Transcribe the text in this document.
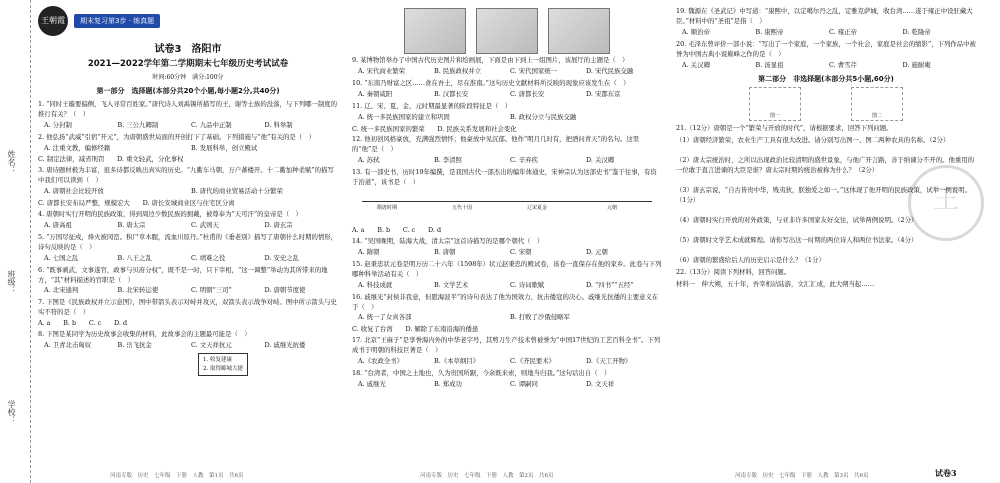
姓名：
班级：
学校：
王朝霞 期末复习第3步 · 练真题
试卷3　洛阳市
2021—2022学年第二学期期末七年级历史考试试卷
时间:60分钟　满分:100分
第一部分　选择题(本部分共20个小题,每小题2分,共40分)
1. “同时王璇要偏侧，飞入寻常百姓家。”唐代诗人刘禹锡所描写的王、谢等士族的没落，与下列哪一制度的推行有关？（　）
A. 分封制	B. 三公九卿制	C. 九品中正制	D. 科举制
2. 他弘扬“武威”引宿“开元”，为唐朝盛世局面的开创打下了基础。下列措施与“他”有关的是（　）
A. 注重文教，编修经籍	B. 发展科举，创立殿试
C. 制定法律，减省刑罚　　D. 重文轻武，分化事权
3. 唐诗题材极为丰富，很多诗都反映出真实的历史。“九衢车马朝，万户蕃楼开。十二衢加种柔赋”的描写中我们可以读到（　）
A. 唐朝社会比较开放	B. 唐代的商业贸易活动十分繁荣
C. 唐都长安布局严整，规模宏大　　D. 唐长安城商业区与住宅区分离
4. 唐朝时实行开明的民族政策，得到周边少数民族的拥戴，被尊奉为“天可汗”的皇帝是（　）
A. 唐高祖	B. 唐太宗	C. 武则天	D. 唐玄宗
5. “万国尽征戍，烽火被冈峦。积尸草木腥，流血川原丹。”杜甫的《垂老别》描写了唐朝什么时期的情形，诗句反映的是（　）
A. 七国之乱	B. 八王之乱	C. 靖难之役	D. 安史之乱
6. “既事剥武，文事遂官，政事与贝府分权”，既不是一时，只下宰相，“这一调整”举动为其所带来的地方，“其”材料描述的官职是（　）
A. 北宋通判	B. 北宋转运使	C. 明朝“三司”	D. 唐朝节度使
7. 下图是《民族政权并立示意图》，图中带箭头表示对峙并攻灭，双箭头表示战争对峙。图中所示箭头与史实不符的是（　）
A. a　　B. b　　C. c　　D. d
8. 下图是某同学为历史故事会收集的材料，此故事会的主题最可能是（　）
A. 卫青北击匈奴	B. 岳飞抗金	C. 文天祥抗元	D. 戚继光抗倭
1. 收复建康
2. 取得郾城大捷
9. 某博物馆举办了中国古代历史图片和绘画展，下面是由下到上一组图片，该展厅的主题是（　）
A. 宋代商业繁荣	B. 民族政权并立	C. 宋代国家统一	D. 宋代民族交融
10. “东南乃财富之区……食在吾土，尽在淮南。”这句历史文献材料所反映的现象应该发生在（　）
A. 秦朝咸阳	B. 汉都长安	C. 唐都长安	D. 宋都东京
11. 辽、宋、夏、金、元时期最显著的阶段特征是（　）
A. 统一多民族国家的建立和巩固	B. 政权分立与民族交融
C. 统一多民族国家的繁荣　　D. 民族关系发展和社会变化
12. 他初创风格豪放，充满强烈情怀；他豪放中见沉郁。他作“明月几时有，把酒问青天”的名句。这里的“他”是（　）
A. 苏轼	B. 李清照	C. 辛弃疾	D. 关汉卿
13. 有一部史书，历时19年编撰，是我国古代一部杰出的编年体通史，宋神宗认为这部史书“鉴于往事，有资于治道”，该书是（　）
隋唐时期	五代十国	辽宋夏金	元朝
A. a　　B. b　　C. c　　D. d
14. “吴国晚期，陆海大战，清太宗”这首诗描写的是哪个朝代（　）
A. 隋朝	B. 唐朝	C. 宋朝	D. 元朝
15. 赵秉忠状元卷是明万历二十六年（1598年）状元赵秉忠的殿试卷，该卷一直保存在他的家乡。此卷与下列哪种科举活动有关（　）
A. 科技成就	B. 文学艺术	C. 诗词歌赋	D. “四书”“五经”
16. 戚继光“封侯非我意，但愿海波平”的诗句表达了他为国效力、抗击倭寇的决心。戚继光抗倭的主要意义在于（　）
A. 统一了女真各部	B. 打败了沙俄侵略军
C. 收复了台湾　　D. 解除了东南沿海的倭患
17. 北京“王麻子”是享誉海内外的中华老字号，其剪刀生产技术曾被誉为“中国17世纪的工艺百科全书”。下列成书于明朝的科技巨著是（　）
A.《农政全书》	B.《本草纲目》	C.《齐民要术》	D.《天工开物》
18. “台湾者，中国之土地也，久为贵国所踞，今余既来索，则地当归我。”这句话出自（　）
A. 戚继光	B. 郑成功	C. 谭嗣同	D. 文天祥
19. 魏源在《圣武记》中写道：“康熙中，以定噶尔丹之乱，定雅克萨城，收台湾……遂于雍正中设驻藏大臣。”材料中的“圣祖”是指（　）
A. 顺治帝	B. 康熙帝	C. 雍正帝	D. 乾隆帝
20. 毛泽东曾评价一部小说：“写出了一个家庭，一个家族，一个社会，家庭是社会的缩影”，下列作品中被誉为中国古典小说巅峰之作的是（　）
A. 关汉卿	B. 汤显祖	C. 曹雪芹	D. 施耐庵
第二部分　非选择题(本部分共5小题,60分)
图一	图二
21.（12分）唐朝是一个“繁荣与开放的时代”，请根据要求，回答下列问题。
（1）唐朝经济繁荣，农业生产工具有很大改进。请分别写出图一、图二两种农具的名称。（2分）
（2）唐太宗统治时，之所以出现政治比较清明的盛世景象，与他广开言路，善于纳谏分不开的。他重用的一位敢于直言进谏的大臣是谁？唐太宗时期的统治被称为什么？（2分）
（3）唐玄宗说，“自古皆贵中华，贱夷狄，朕独爱之如一。”这体现了他开明的民族政策，试举一例说明。（1分）
（4）唐朝时实行开放的对外政策，与亚非许多国家友好交往，试举两例说明。（2分）
（5）唐朝时文学艺术成就辉煌。请你写出这一时期的两位诗人和两位书法家。（4分）
（6）唐朝的繁盛给后人的历史启示是什么？（1分）
22.（13分）阅读下列材料，回答问题。
材料一　伸大朔，五十年，吾宰相站陆游，文汇汇成，此大朔当起……
王
河南专版　历史　七年级　下册　人教　第1页　共6页	河南专版　历史　七年级　下册　人教　第2页　共6页	河南专版　历史　七年级　下册　人教　第3页　共6页	试卷3
